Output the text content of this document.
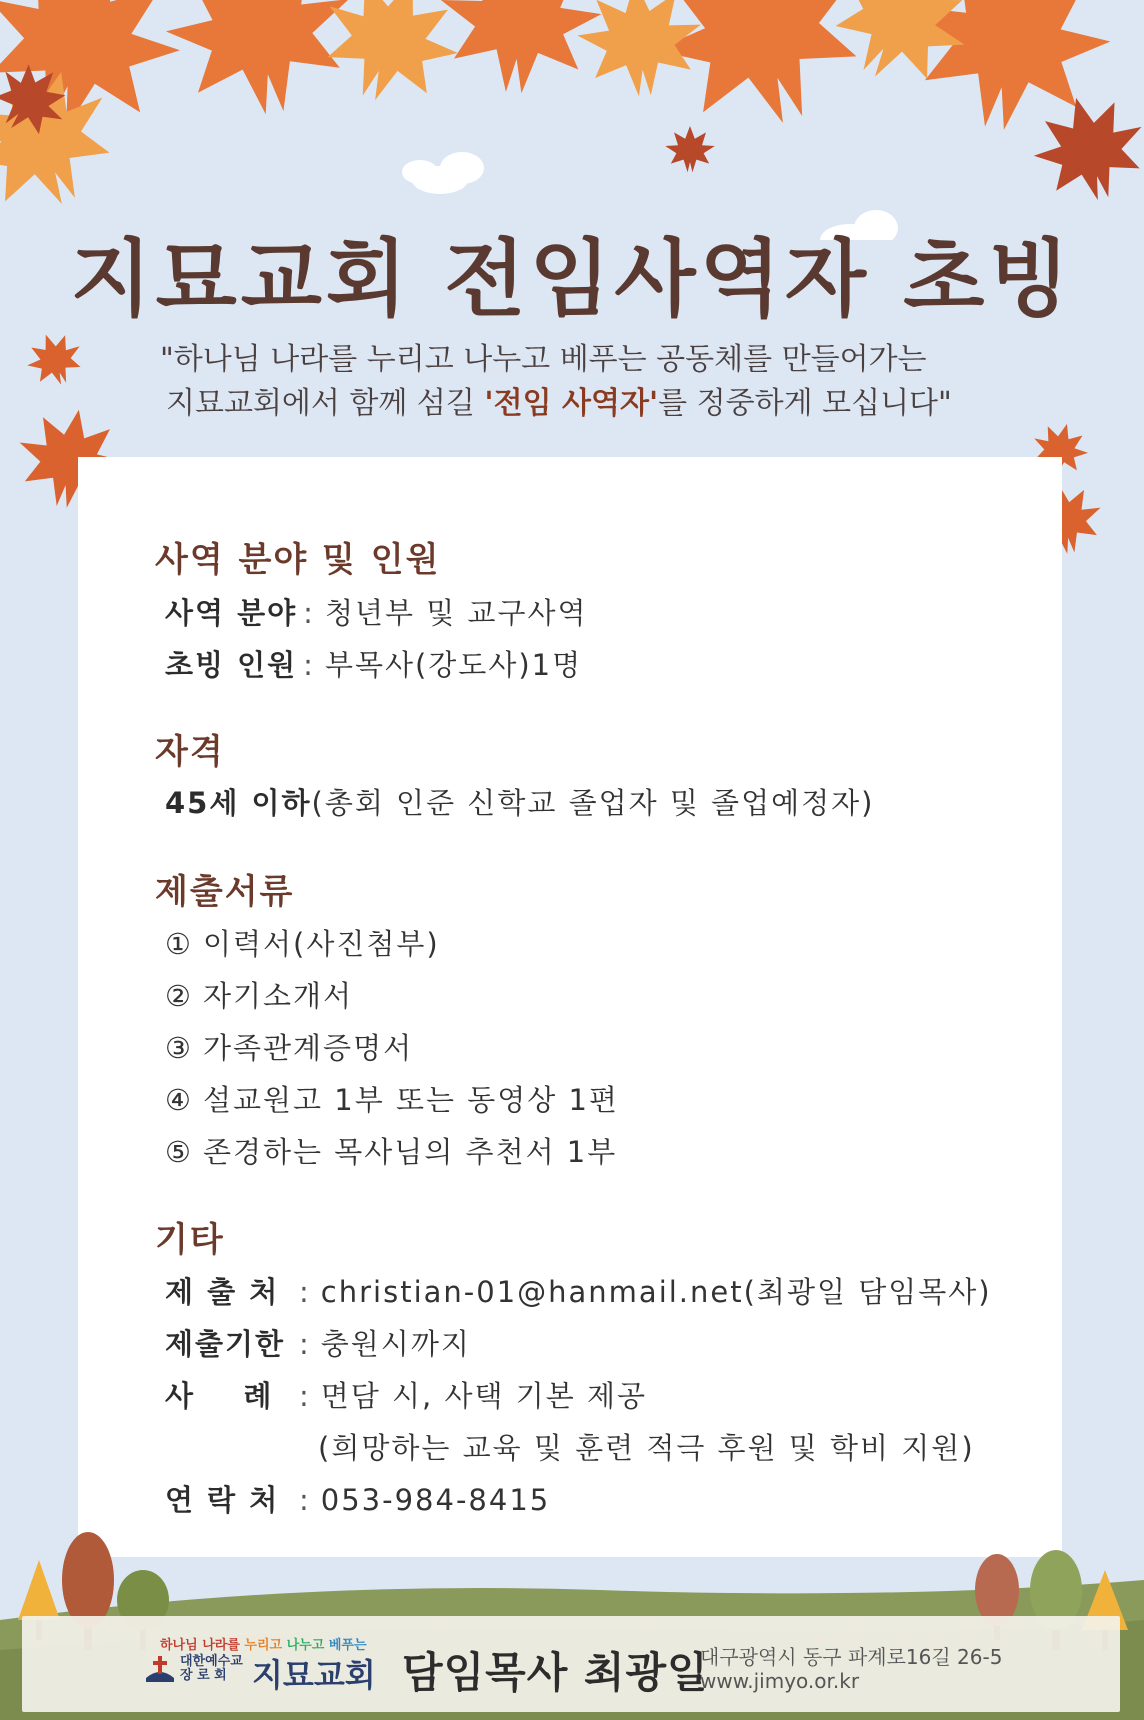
지묘교회 전임사역자 초빙
"하나님 나라를 누리고 나누고 베푸는 공동체를 만들어가는
지묘교회에서 함께 섬길 '전임 사역자'를 정중하게 모십니다"
사역 분야 및 인원
사역 분야 : 청년부 및 교구사역
초빙 인원 : 부목사(강도사)1명
자격
45세 이하(총회 인준 신학교 졸업자 및 졸업예정자)
제출서류
① 이력서(사진첨부)
② 자기소개서
③ 가족관계증명서
④ 설교원고 1부 또는 동영상 1편
⑤ 존경하는 목사님의 추천서 1부
기타
제 출 처 : christian-01@hanmail.net(최광일 담임목사)
제출기한 : 충원시까지
사    례 : 면담 시, 사택 기본 제공
(희망하는 교육 및 훈련 적극 후원 및 학비 지원)
연 락 처 : 053-984-8415
하나님 나라를 누리고 나누고 베푸는
대한예수교 장 로 회 지묘교회 담임목사 최광일
대구광역시 동구 파계로16길 26-5
www.jimyo.or.kr
